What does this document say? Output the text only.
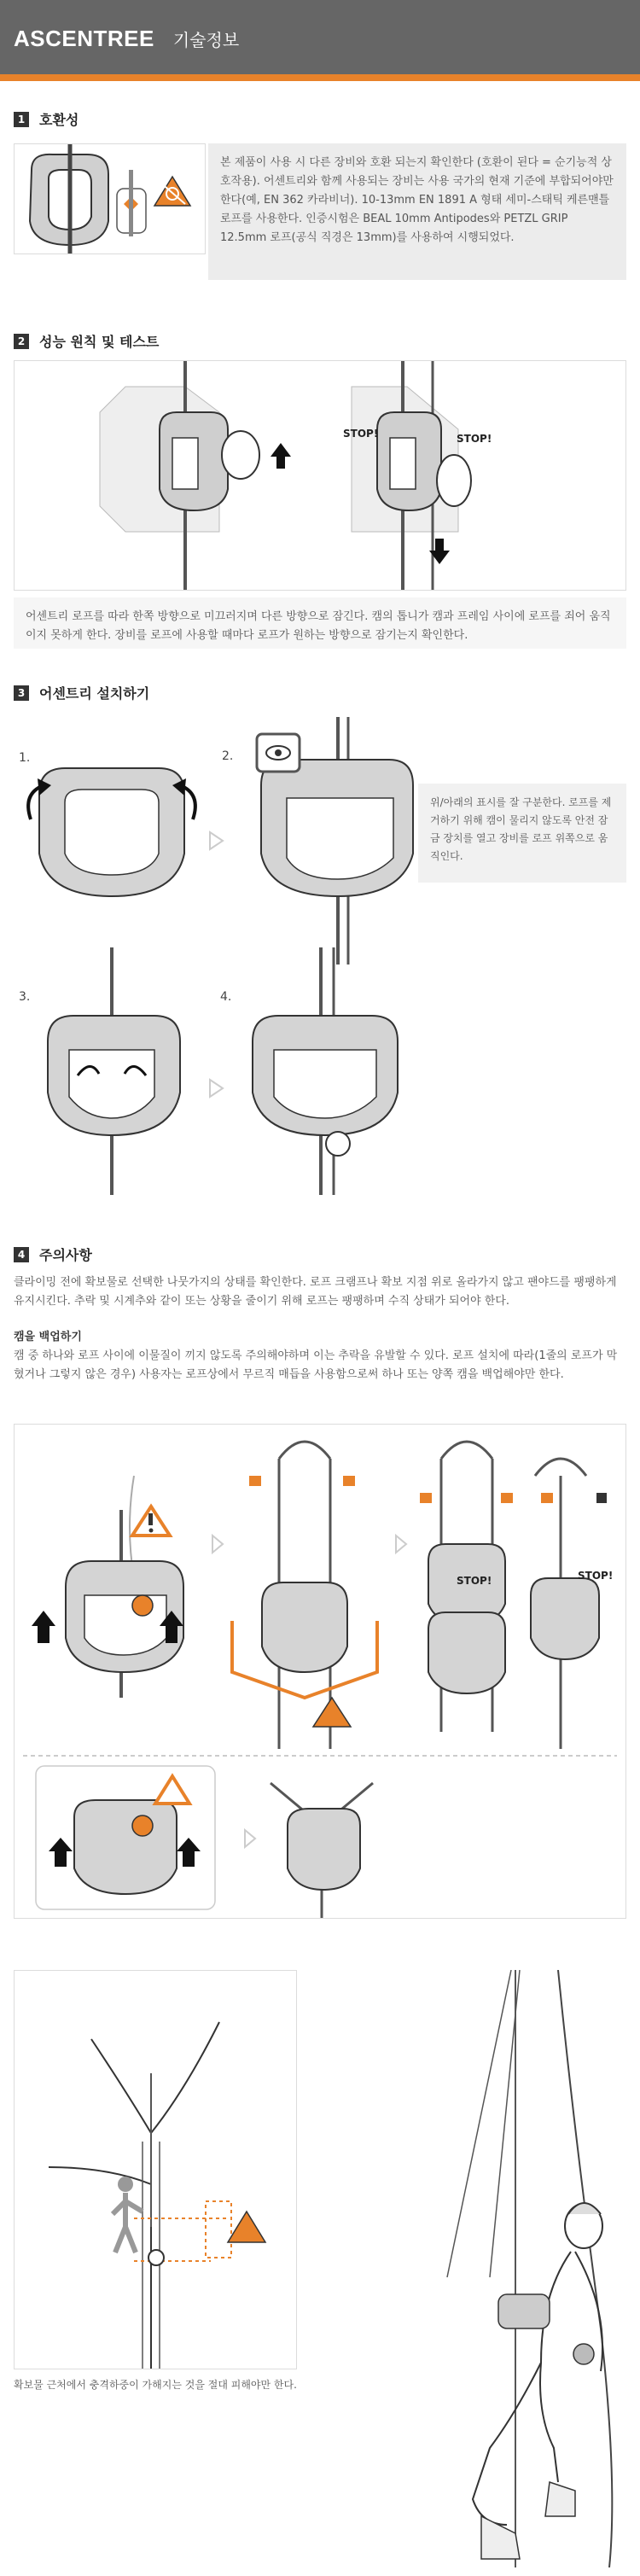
ASCENTREE 기술정보
1	호환성
본 제품이 사용 시 다른 장비와 호환 되는지 확인한다 (호환이 된다 = 순기능적 상호작용). 어센트리와 함께 사용되는 장비는 사용 국가의 현재 기준에 부합되어야만 한다(예, EN 362 카라비너). 10-13mm EN 1891 A 형태 세미-스태틱 케른맨틀 로프를 사용한다. 인증시험은 BEAL 10mm Antipodes와 PETZL GRIP 12.5mm 로프(공식 직경은 13mm)를 사용하여 시행되었다.
2	성능 원칙 및 테스트
STOP!	STOP!
어센트리 로프를 따라 한쪽 방향으로 미끄러지며 다른 방향으로 잠긴다. 캠의 톱니가 캠과 프레임 사이에 로프를 죄어 움직이지 못하게 한다. 장비를 로프에 사용할 때마다 로프가 원하는 방향으로 잠기는지 확인한다.
3	어센트리 설치하기
1.	2.
3.	4.
위/아래의 표시를 잘 구분한다. 로프를 제거하기 위해 캠이 물리지 않도록 안전 잠금 장치를 열고 장비를 로프 위쪽으로 움직인다.
4	주의사항
클라이밍 전에 확보물로 선택한 나뭇가지의 상태를 확인한다. 로프 크램프나 확보 지점 위로 올라가지 않고 팬야드를 팽팽하게 유지시킨다. 추락 및 시계추와 같이 또는 상황을 줄이기 위해 로프는 팽팽하며 수직 상태가 되어야 한다.
캠을 백업하기
캠 중 하나와 로프 사이에 이물질이 끼지 않도록 주의해야하며 이는 추락을 유발할 수 있다. 로프 설치에 따라(1줄의 로프가 막혔거나 그렇지 않은 경우) 사용자는 로프상에서 무르직 매듭을 사용함으로써 하나 또는 양쪽 캠을 백업해야만 한다.
STOP!	STOP!
확보물 근처에서 충격하중이 가해지는 것을 절대 피해야만 한다.
